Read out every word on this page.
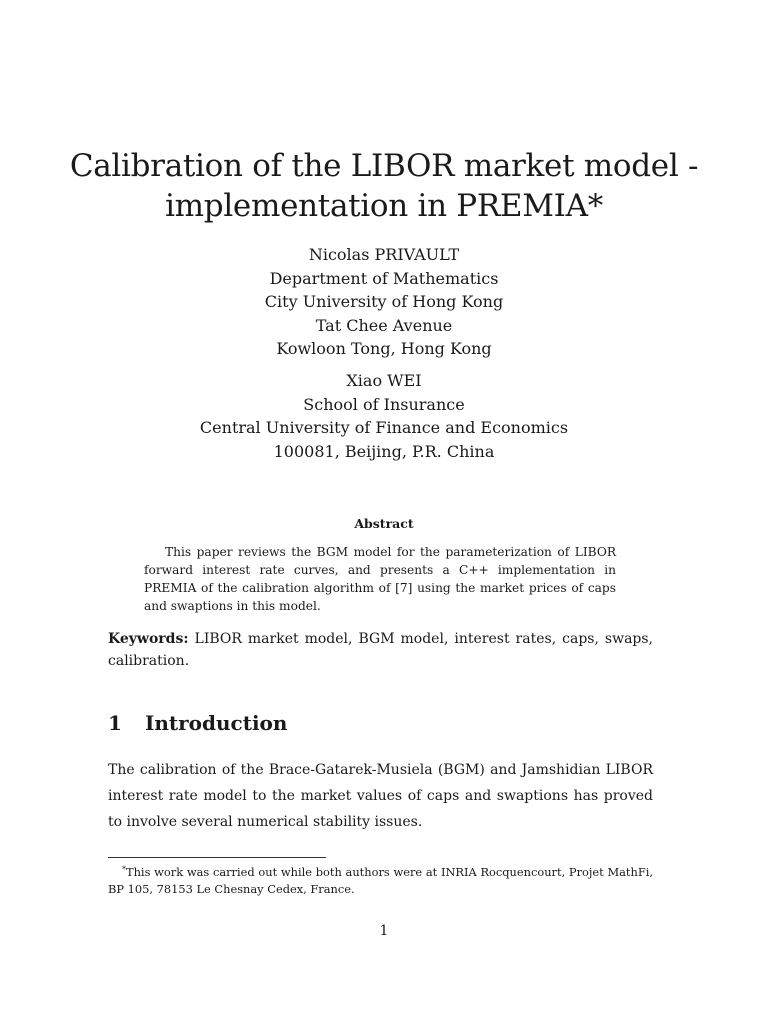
Calibration of the LIBOR market model -
implementation in PREMIA*
Nicolas PRIVAULT
Department of Mathematics
City University of Hong Kong
Tat Chee Avenue
Kowloon Tong, Hong Kong
Xiao WEI
School of Insurance
Central University of Finance and Economics
100081, Beijing, P.R. China
Abstract
This paper reviews the BGM model for the parameterization of LIBOR forward interest rate curves, and presents a C++ implementation in PREMIA of the calibration algorithm of [7] using the market prices of caps and swaptions in this model.
Keywords: LIBOR market model, BGM model, interest rates, caps, swaps, calibration.
1 Introduction
The calibration of the Brace-Gatarek-Musiela (BGM) and Jamshidian LIBOR interest rate model to the market values of caps and swaptions has proved to involve several numerical stability issues.
*This work was carried out while both authors were at INRIA Rocquencourt, Projet MathFi, BP 105, 78153 Le Chesnay Cedex, France.
1
